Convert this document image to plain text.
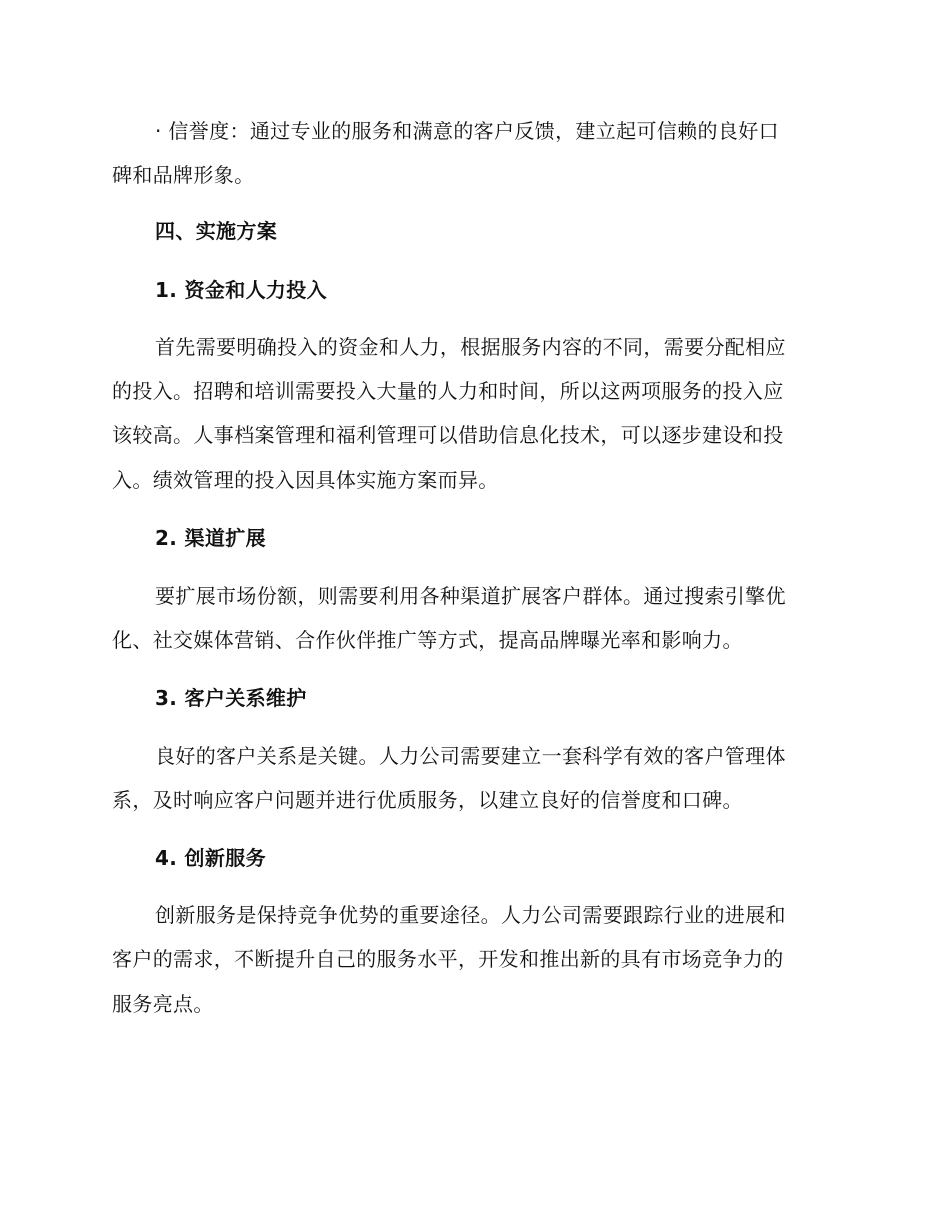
· 信誉度：通过专业的服务和满意的客户反馈，建立起可信赖的良好口
碑和品牌形象。
四、实施方案
1. 资金和人力投入
首先需要明确投入的资金和人力，根据服务内容的不同，需要分配相应
的投入。招聘和培训需要投入大量的人力和时间，所以这两项服务的投入应
该较高。人事档案管理和福利管理可以借助信息化技术，可以逐步建设和投
入。绩效管理的投入因具体实施方案而异。
2. 渠道扩展
要扩展市场份额，则需要利用各种渠道扩展客户群体。通过搜索引擎优
化、社交媒体营销、合作伙伴推广等方式，提高品牌曝光率和影响力。
3. 客户关系维护
良好的客户关系是关键。人力公司需要建立一套科学有效的客户管理体
系，及时响应客户问题并进行优质服务，以建立良好的信誉度和口碑。
4. 创新服务
创新服务是保持竞争优势的重要途径。人力公司需要跟踪行业的进展和
客户的需求，不断提升自己的服务水平，开发和推出新的具有市场竞争力的
服务亮点。
